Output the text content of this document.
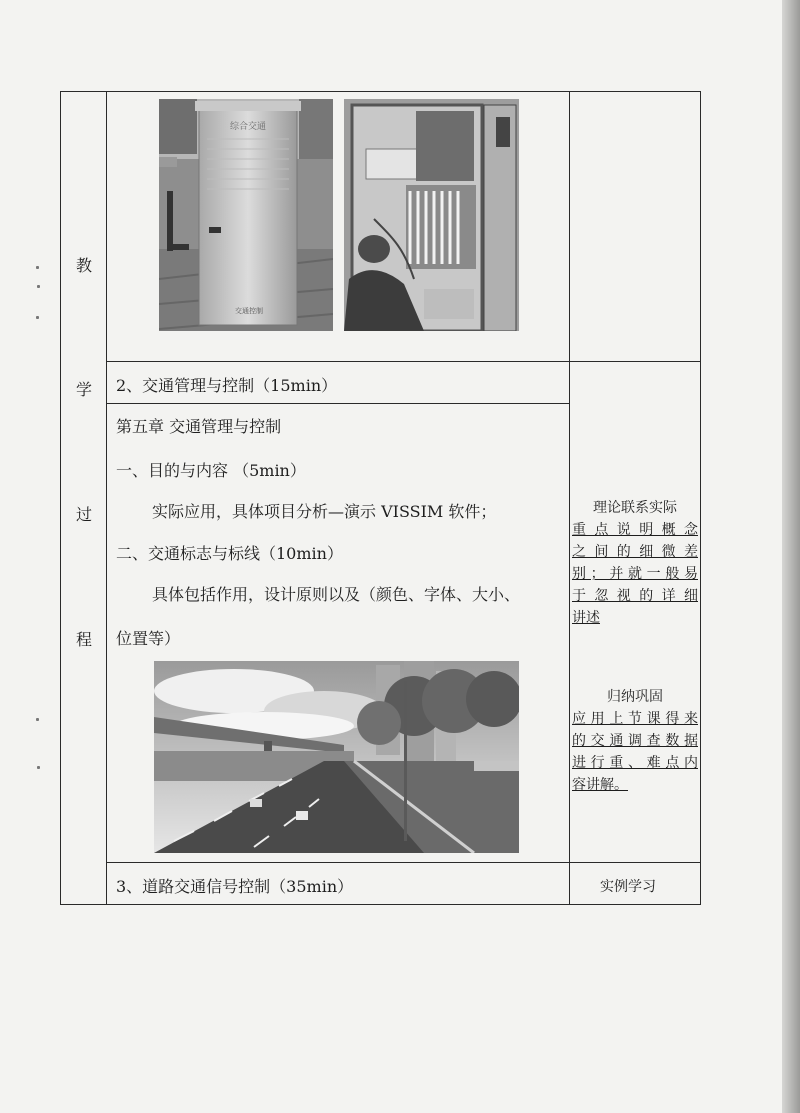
教
学
过
程
综合交通
交通控制
2、交通管理与控制（15min）
第五章 交通管理与控制
一、目的与内容 （5min）
实际应用，具体项目分析—演示 VISSIM 软件；
二、交通标志与标线（10min）
具体包括作用，设计原则以及（颜色、字体、大小、
位置等）
理论联系实际
重点说明概念
之间的细微差
别；并就一般易
于忽视的详细
讲述
归纳巩固
应用上节课得来
的交通调查数据
进行重、难点内
容讲解。
3、道路交通信号控制（35min）	实例学习
